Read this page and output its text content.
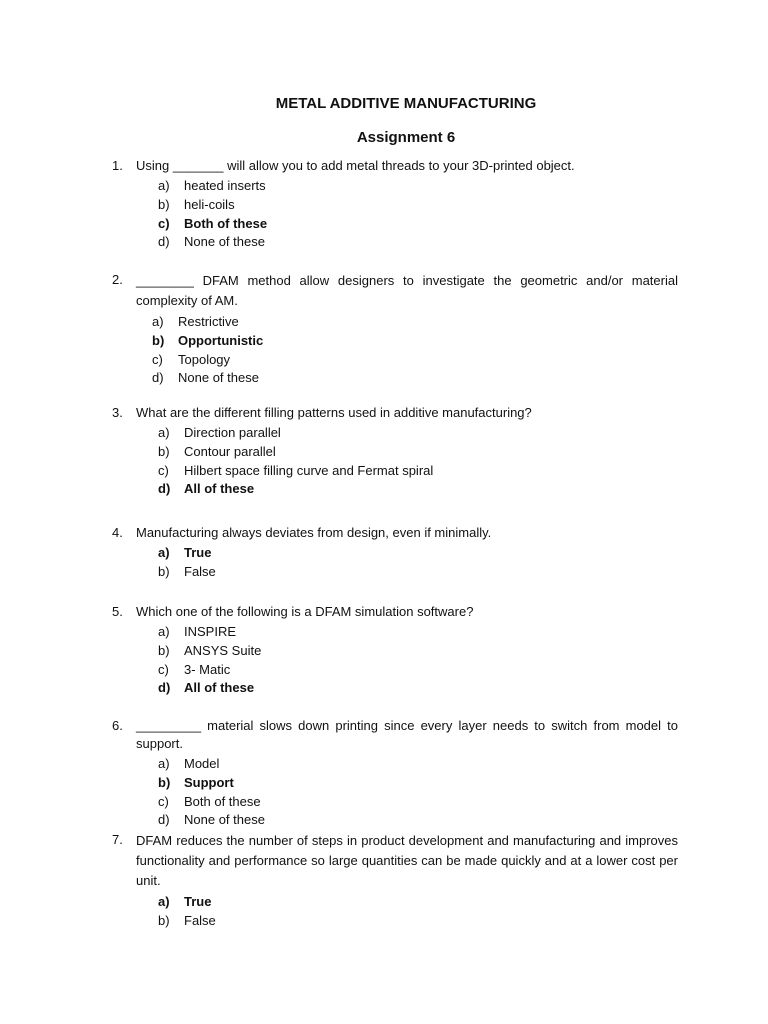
METAL ADDITIVE MANUFACTURING
Assignment 6
1.	Using _______ will allow you to add metal threads to your 3D-printed object.
a)	heated inserts
b)	heli-coils
c)	Both of these
d)	None of these
2.	________ DFAM method allow designers to investigate the geometric and/or material complexity of AM.
a)	Restrictive
b)	Opportunistic
c)	Topology
d)	None of these
3.	What are the different filling patterns used in additive manufacturing?
a)	Direction parallel
b)	Contour parallel
c)	Hilbert space filling curve and Fermat spiral
d)	All of these
4.	Manufacturing always deviates from design, even if minimally.
a)	True
b)	False
5.	Which one of the following is a DFAM simulation software?
a)	INSPIRE
b)	ANSYS Suite
c)	3- Matic
d)	All of these
6.	_________ material slows down printing since every layer needs to switch from model to support.
a)	Model
b)	Support
c)	Both of these
d)	None of these
7.	DFAM reduces the number of steps in product development and manufacturing and improves functionality and performance so large quantities can be made quickly and at a lower cost per unit.
a)	True
b)	False
